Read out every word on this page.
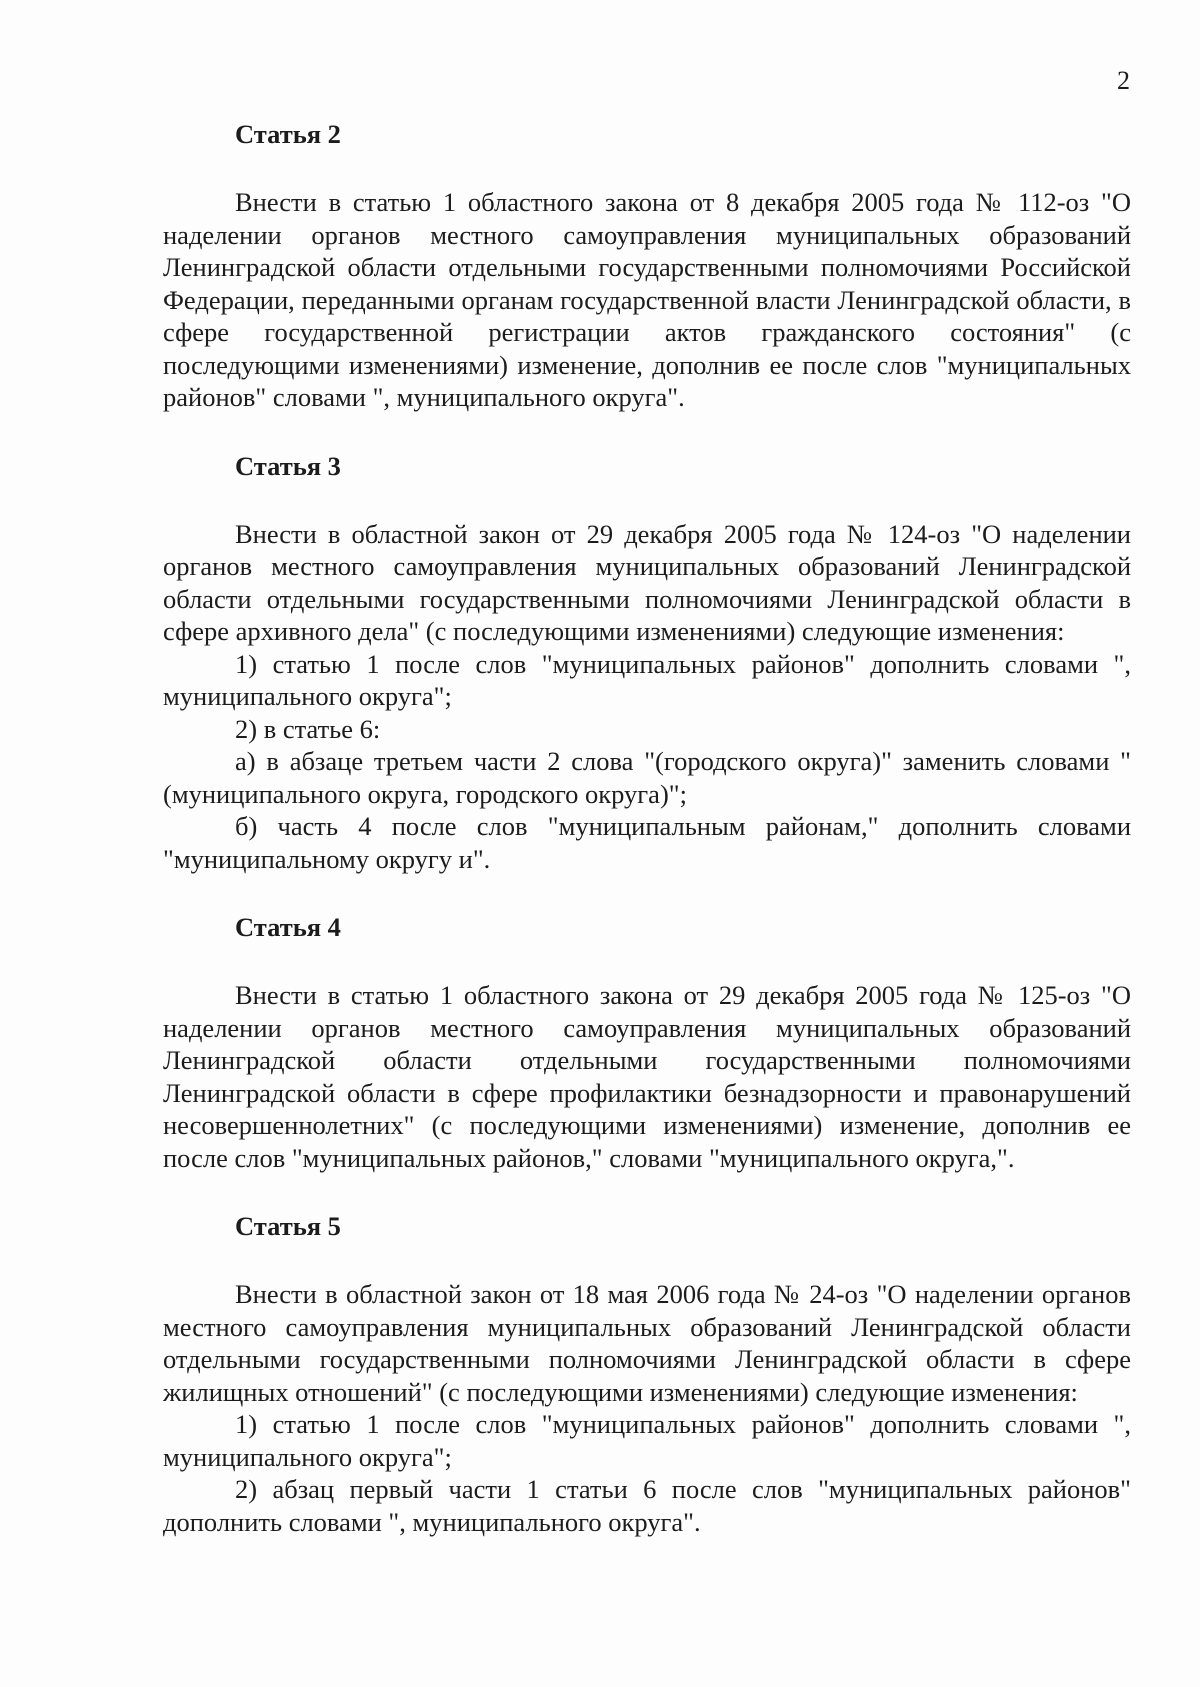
2

Статья 2

Внести в статью 1 областного закона от 8 декабря 2005 года № 112-оз "О наделении органов местного самоуправления муниципальных образований Ленинградской области отдельными государственными полномочиями Российской Федерации, переданными органам государственной власти Ленинградской области, в сфере государственной регистрации актов гражданского состояния" (с последующими изменениями) изменение, дополнив ее после слов "муниципальных районов" словами ", муниципального округа".

Статья 3

Внести в областной закон от 29 декабря 2005 года № 124-оз "О наделении органов местного самоуправления муниципальных образований Ленинградской области отдельными государственными полномочиями Ленинградской области в сфере архивного дела" (с последующими изменениями) следующие изменения:

1) статью 1 после слов "муниципальных районов" дополнить словами ", муниципального округа";

2) в статье 6:

а) в абзаце третьем части 2 слова "(городского округа)" заменить словами "(муниципального округа, городского округа)";

б) часть 4 после слов "муниципальным районам," дополнить словами "муниципальному округу и".

Статья 4

Внести в статью 1 областного закона от 29 декабря 2005 года № 125-оз "О наделении органов местного самоуправления муниципальных образований Ленинградской области отдельными государственными полномочиями Ленинградской области в сфере профилактики безнадзорности и правонарушений несовершеннолетних" (с последующими изменениями) изменение, дополнив ее после слов "муниципальных районов," словами "муниципального округа,".

Статья 5

Внести в областной закон от 18 мая 2006 года № 24-оз "О наделении органов местного самоуправления муниципальных образований Ленинградской области отдельными государственными полномочиями Ленинградской области в сфере жилищных отношений" (с последующими изменениями) следующие изменения:

1) статью 1 после слов "муниципальных районов" дополнить словами ", муниципального округа";

2) абзац первый части 1 статьи 6 после слов "муниципальных районов" дополнить словами ", муниципального округа".
